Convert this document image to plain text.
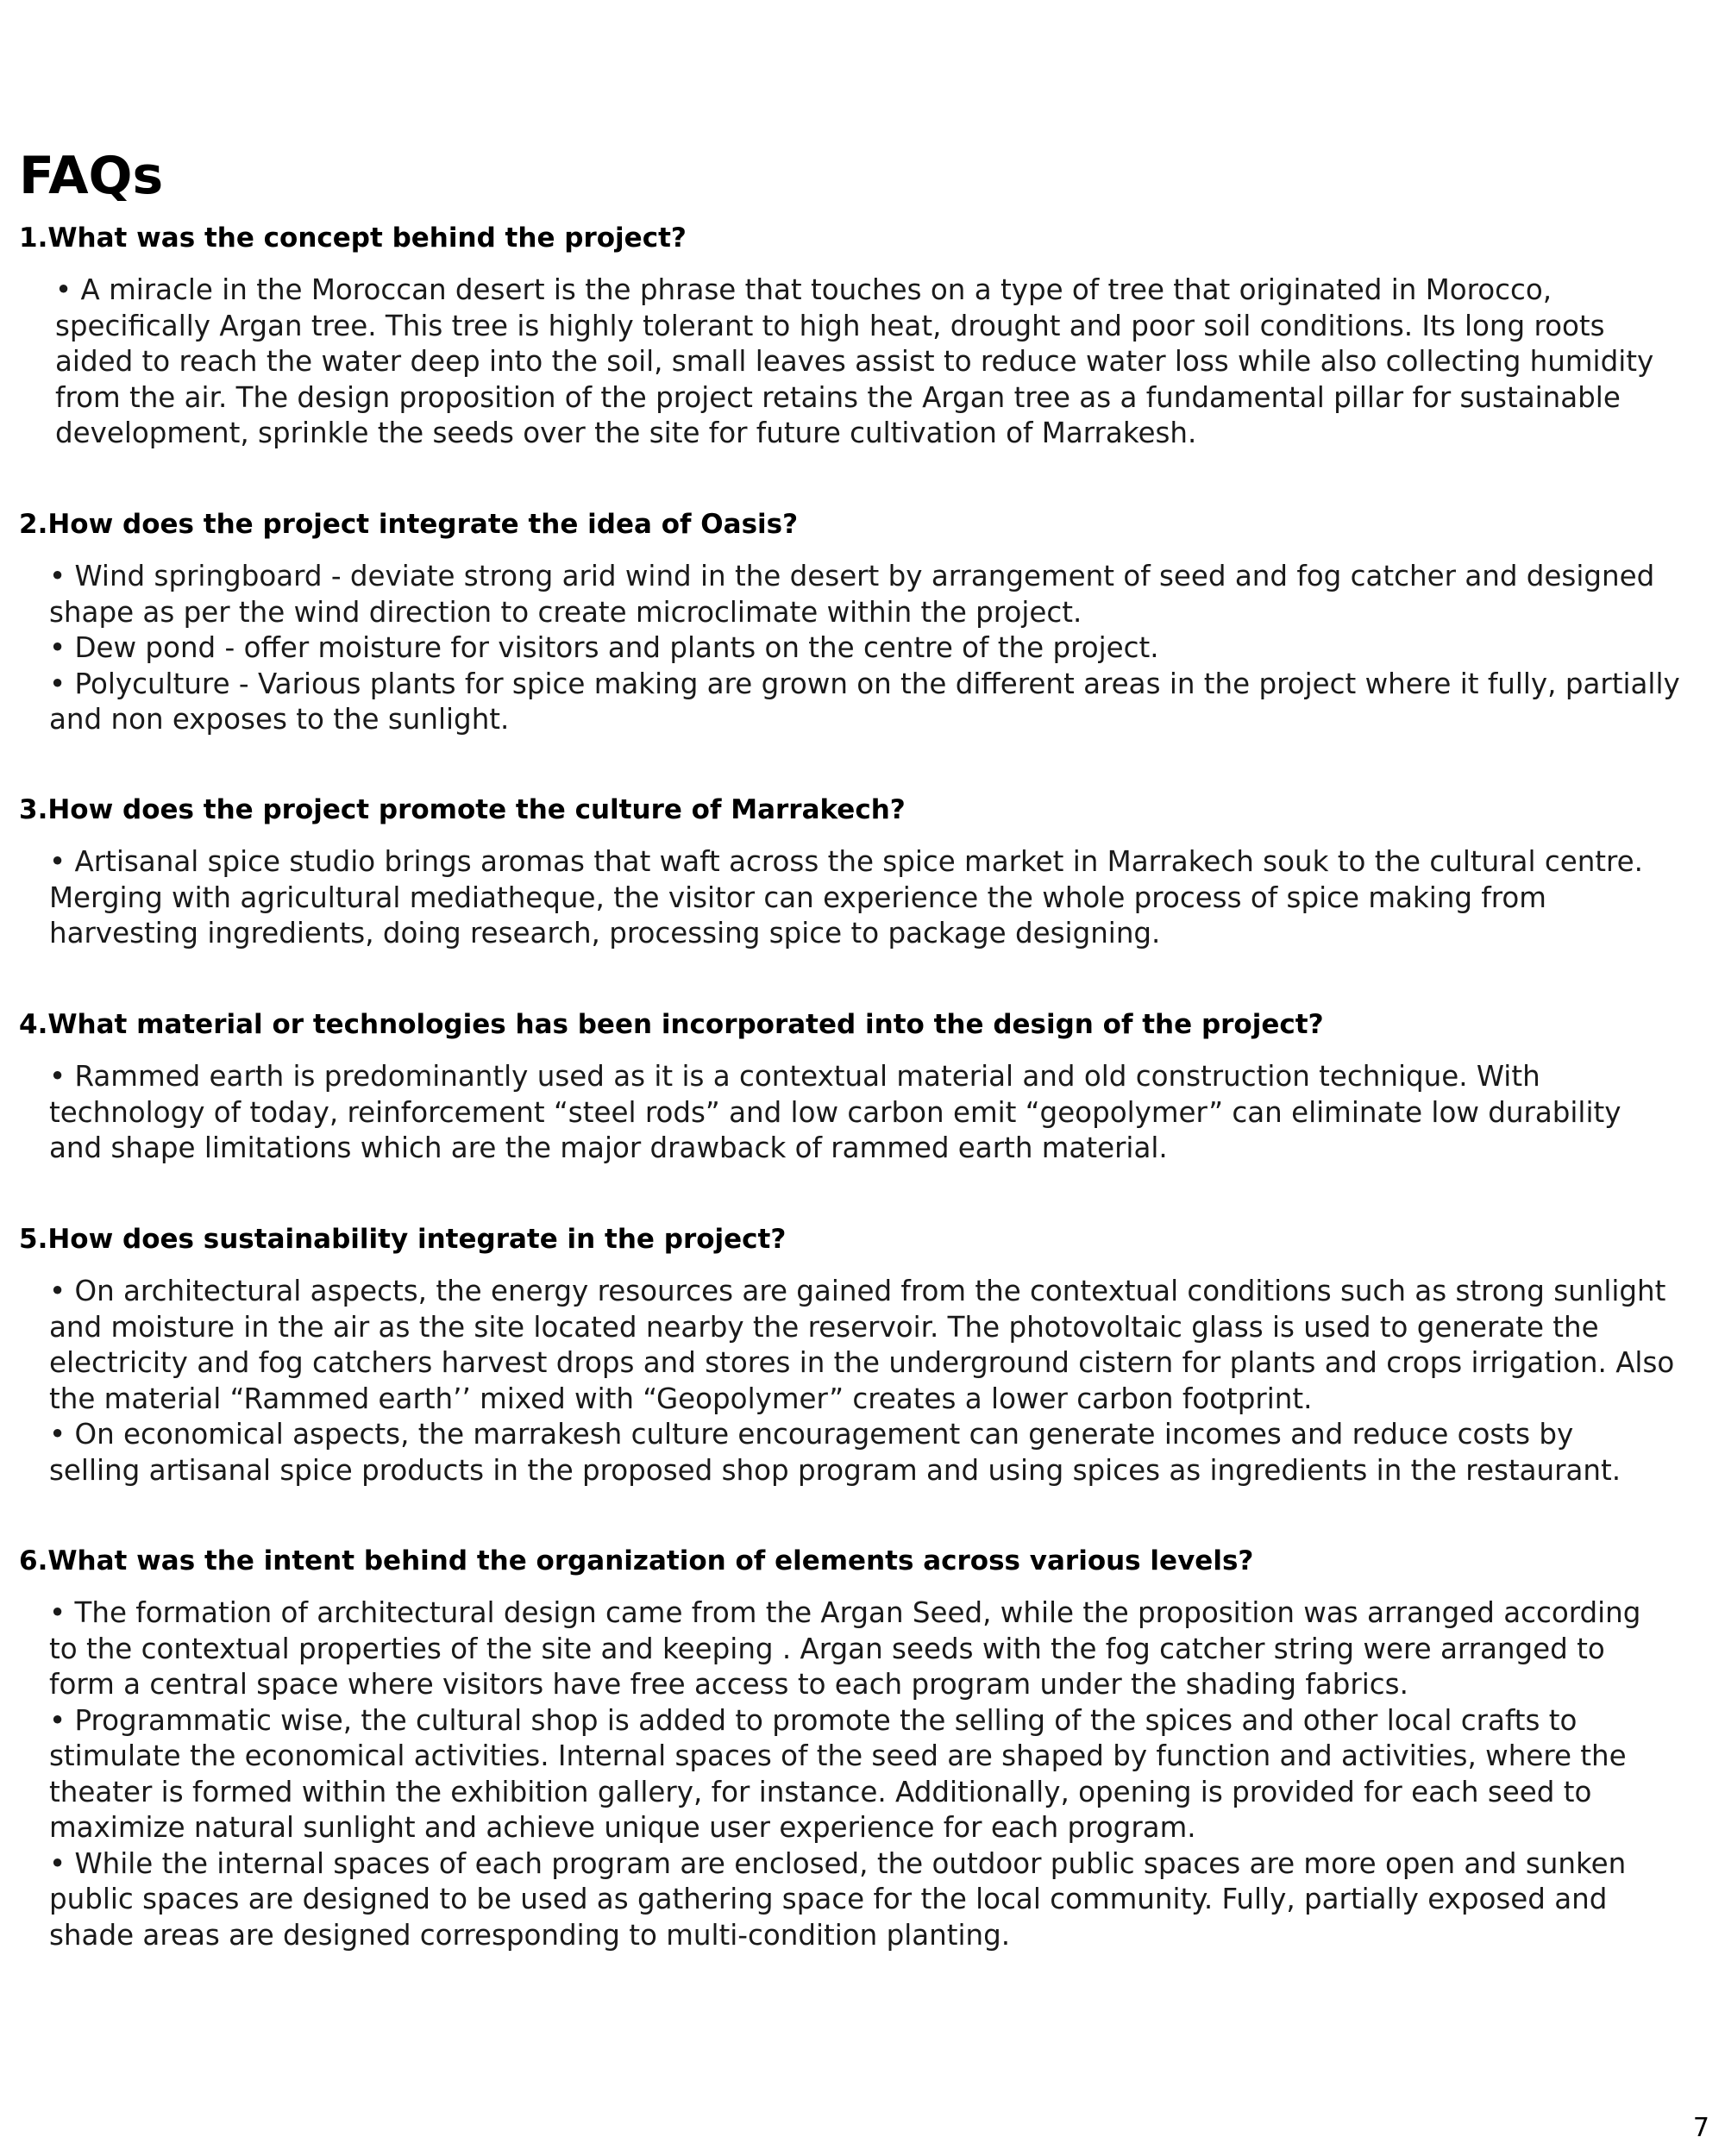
FAQs
1.What was the concept behind the project?
• A miracle in the Moroccan desert is the phrase that touches on a type of tree that originated in Morocco,
specifically Argan tree. This tree is highly tolerant to high heat, drought and poor soil conditions. Its long roots
aided to reach the water deep into the soil, small leaves assist to reduce water loss while also collecting humidity
from the air. The design proposition of the project retains the Argan tree as a fundamental pillar for sustainable
development, sprinkle the seeds over the site for future cultivation of Marrakesh.
2.How does the project integrate the idea of Oasis?
• Wind springboard - deviate strong arid wind in the desert by arrangement of seed and fog catcher and designed
shape as per the wind direction to create microclimate within the project.
• Dew pond - offer moisture for visitors and plants on the centre of the project.
• Polyculture - Various plants for spice making are grown on the different areas in the project where it fully, partially
and non exposes to the sunlight.
3.How does the project promote the culture of Marrakech?
• Artisanal spice studio brings aromas that waft across the spice market in Marrakech souk to the cultural centre.
Merging with agricultural mediatheque, the visitor can experience the whole process of spice making from
harvesting ingredients, doing research, processing spice to package designing.
4.What material or technologies has been incorporated into the design of the project?
• Rammed earth is predominantly used as it is a contextual material and old construction technique. With
technology of today, reinforcement “steel rods” and low carbon emit “geopolymer” can eliminate low durability
and shape limitations which are the major drawback of rammed earth material.
5.How does sustainability integrate in the project?
• On architectural aspects, the energy resources are gained from the contextual conditions such as strong sunlight
and moisture in the air as the site located nearby the reservoir. The photovoltaic glass is used to generate the
electricity and fog catchers harvest drops and stores in the underground cistern for plants and crops irrigation. Also
the material “Rammed earth’’ mixed with “Geopolymer” creates a lower carbon footprint.
• On economical aspects, the marrakesh culture encouragement can generate incomes and reduce costs by
selling artisanal spice products in the proposed shop program and using spices as ingredients in the restaurant.
6.What was the intent behind the organization of elements across various levels?
• The formation of architectural design came from the Argan Seed, while the proposition was arranged according
to the contextual properties of the site and keeping . Argan seeds with the fog catcher string were arranged to
form a central space where visitors have free access to each program under the shading fabrics.
• Programmatic wise, the cultural shop is added to promote the selling of the spices and other local crafts to
stimulate the economical activities. Internal spaces of the seed are shaped by function and activities, where the
theater is formed within the exhibition gallery, for instance. Additionally, opening is provided for each seed to
maximize natural sunlight and achieve unique user experience for each program.
• While the internal spaces of each program are enclosed, the outdoor public spaces are more open and sunken
public spaces are designed to be used as gathering space for the local community. Fully, partially exposed and
shade areas are designed corresponding to multi-condition planting.
7
